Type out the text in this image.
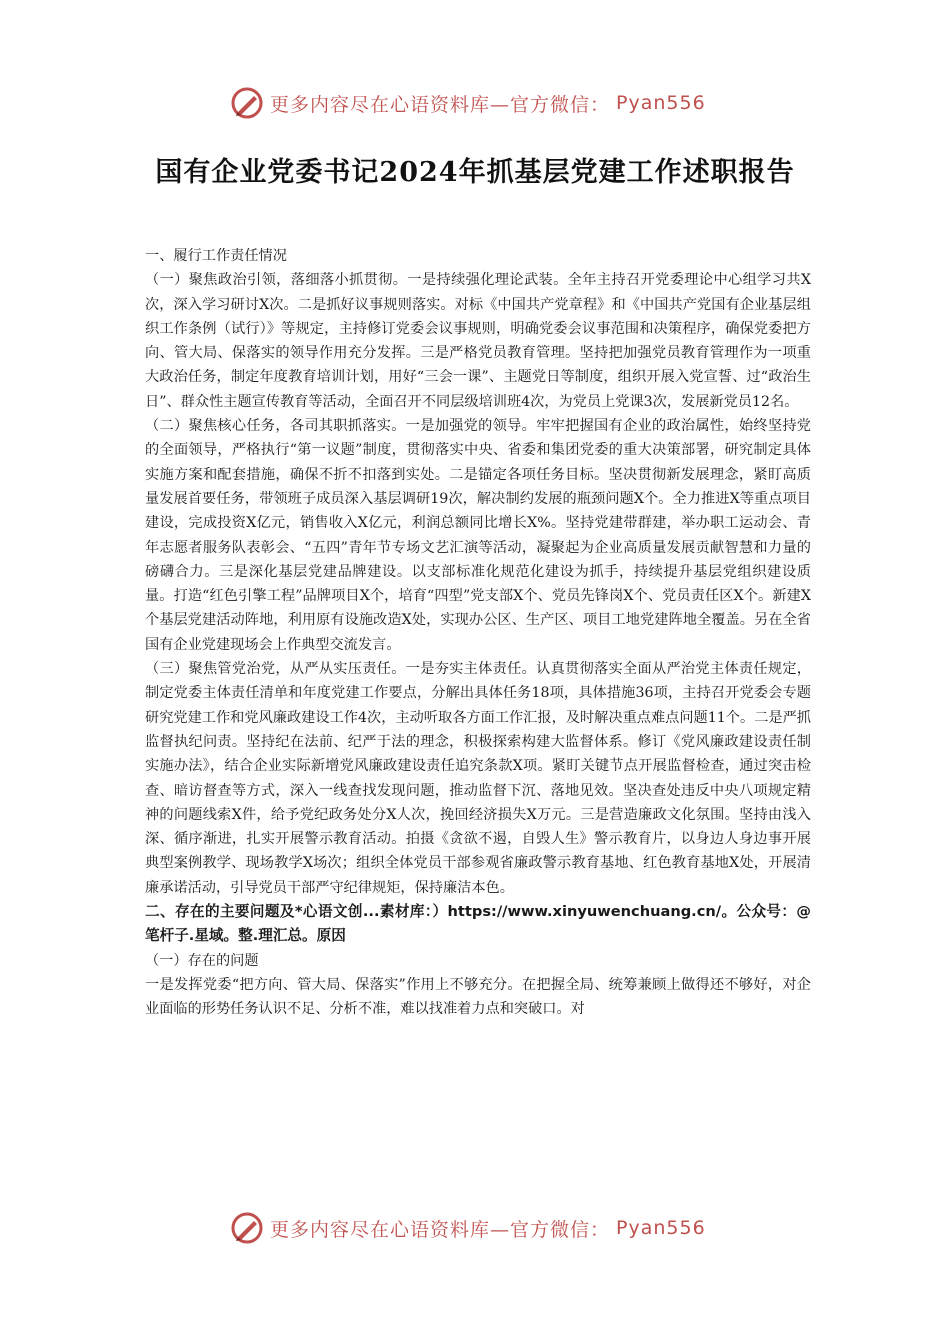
更多内容尽在心语资料库—官方微信： Pyan556
国有企业党委书记2024年抓基层党建工作述职报告

一、履行工作责任情况

（一）聚焦政治引领，落细落小抓贯彻。一是持续强化理论武装。全年主持召开党委理论中心组学习共X次，深入学习研讨X次。二是抓好议事规则落实。对标《中国共产党章程》和《中国共产党国有企业基层组织工作条例（试行）》等规定，主持修订党委会议事规则，明确党委会议事范围和决策程序，确保党委把方向、管大局、保落实的领导作用充分发挥。三是严格党员教育管理。坚持把加强党员教育管理作为一项重大政治任务，制定年度教育培训计划，用好“三会一课”、主题党日等制度，组织开展入党宣誓、过“政治生日”、群众性主题宣传教育等活动，全面召开不同层级培训班4次，为党员上党课3次，发展新党员12名。

（二）聚焦核心任务，各司其职抓落实。一是加强党的领导。牢牢把握国有企业的政治属性，始终坚持党的全面领导，严格执行“第一议题”制度，贯彻落实中央、省委和集团党委的重大决策部署，研究制定具体实施方案和配套措施，确保不折不扣落到实处。二是锚定各项任务目标。坚决贯彻新发展理念，紧盯高质量发展首要任务，带领班子成员深入基层调研19次，解决制约发展的瓶颈问题X个。全力推进X等重点项目建设，完成投资X亿元，销售收入X亿元，利润总额同比增长X%。坚持党建带群建，举办职工运动会、青年志愿者服务队表彰会、“五四”青年节专场文艺汇演等活动，凝聚起为企业高质量发展贡献智慧和力量的磅礴合力。三是深化基层党建品牌建设。以支部标准化规范化建设为抓手，持续提升基层党组织建设质量。打造“红色引擎工程”品牌项目X个，培育“四型”党支部X个、党员先锋岗X个、党员责任区X个。新建X个基层党建活动阵地，利用原有设施改造X处，实现办公区、生产区、项目工地党建阵地全覆盖。另在全省国有企业党建现场会上作典型交流发言。

（三）聚焦管党治党，从严从实压责任。一是夯实主体责任。认真贯彻落实全面从严治党主体责任规定，制定党委主体责任清单和年度党建工作要点，分解出具体任务18项，具体措施36项，主持召开党委会专题研究党建工作和党风廉政建设工作4次，主动听取各方面工作汇报，及时解决重点难点问题11个。二是严抓监督执纪问责。坚持纪在法前、纪严于法的理念，积极探索构建大监督体系。修订《党风廉政建设责任制实施办法》，结合企业实际新增党风廉政建设责任追究条款X项。紧盯关键节点开展监督检查，通过突击检查、暗访督查等方式，深入一线查找发现问题，推动监督下沉、落地见效。坚决查处违反中央八项规定精神的问题线索X件，给予党纪政务处分X人次，挽回经济损失X万元。三是营造廉政文化氛围。坚持由浅入深、循序渐进，扎实开展警示教育活动。拍摄《贪欲不遏，自毁人生》警示教育片，以身边人身边事开展典型案例教学、现场教学X场次；组织全体党员干部参观省廉政警示教育基地、红色教育基地X处，开展清廉承诺活动，引导党员干部严守纪律规矩，保持廉洁本色。

二、存在的主要问题及*心语文创...素材库：）https://www.xinyuwenchuang.cn/。公众号：@笔杆子.星域。整.理汇总。原因

（一）存在的问题

一是发挥党委“把方向、管大局、保落实”作用上不够充分。在把握全局、统筹兼顾上做得还不够好，对企业面临的形势任务认识不足、分析不准，难以找准着力点和突破口。对

更多内容尽在心语资料库—官方微信： Pyan556
